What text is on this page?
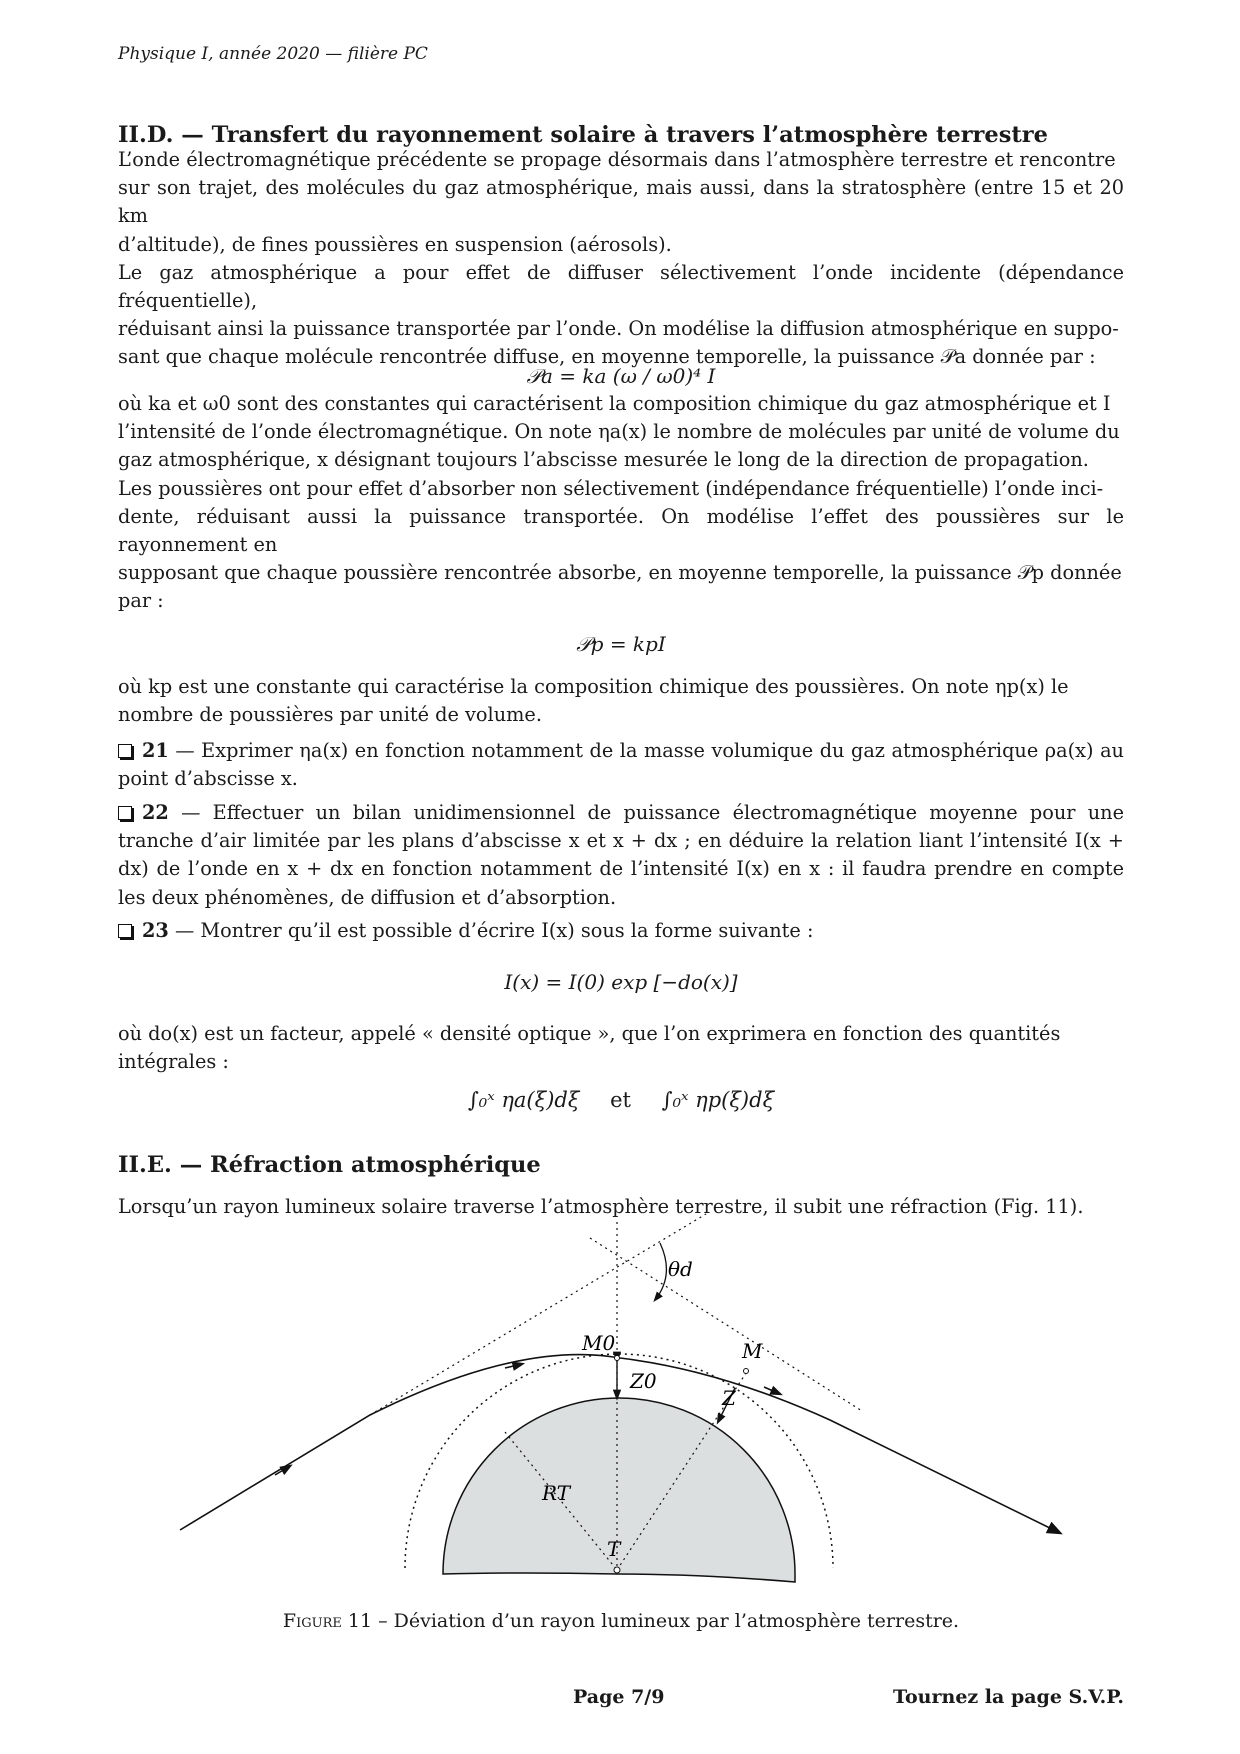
Physique I, année 2020 — filière PC
II.D. — Transfert du rayonnement solaire à travers l’atmosphère terrestre
L’onde électromagnétique précédente se propage désormais dans l’atmosphère terrestre et rencontre
sur son trajet, des molécules du gaz atmosphérique, mais aussi, dans la stratosphère (entre 15 et 20 km
d’altitude), de fines poussières en suspension (aérosols).
Le gaz atmosphérique a pour effet de diffuser sélectivement l’onde incidente (dépendance fréquentielle),
réduisant ainsi la puissance transportée par l’onde. On modélise la diffusion atmosphérique en suppo-
sant que chaque molécule rencontrée diffuse, en moyenne temporelle, la puissance 𝒫a donnée par :
𝒫a = ka (ω / ω0)⁴ I
où ka et ω0 sont des constantes qui caractérisent la composition chimique du gaz atmosphérique et I
l’intensité de l’onde électromagnétique. On note ηa(x) le nombre de molécules par unité de volume du
gaz atmosphérique, x désignant toujours l’abscisse mesurée le long de la direction de propagation.
Les poussières ont pour effet d’absorber non sélectivement (indépendance fréquentielle) l’onde inci-
dente, réduisant aussi la puissance transportée. On modélise l’effet des poussières sur le rayonnement en
supposant que chaque poussière rencontrée absorbe, en moyenne temporelle, la puissance 𝒫p donnée
par :
𝒫p = kpI
où kp est une constante qui caractérise la composition chimique des poussières. On note ηp(x) le
nombre de poussières par unité de volume.
21 — Exprimer ηa(x) en fonction notamment de la masse volumique du gaz atmosphérique ρa(x) au point d’abscisse x.
22 — Effectuer un bilan unidimensionnel de puissance électromagnétique moyenne pour une tranche d’air limitée par les plans d’abscisse x et x + dx ; en déduire la relation liant l’intensité I(x + dx) de l’onde en x + dx en fonction notamment de l’intensité I(x) en x : il faudra prendre en compte les deux phénomènes, de diffusion et d’absorption.
23 — Montrer qu’il est possible d’écrire I(x) sous la forme suivante :
I(x) = I(0) exp [−do(x)]
où do(x) est un facteur, appelé « densité optique », que l’on exprimera en fonction des quantités
intégrales :
∫₀ˣ ηa(ξ)dξ et ∫₀ˣ ηp(ξ)dξ
II.E. — Réfraction atmosphérique
Lorsqu’un rayon lumineux solaire traverse l’atmosphère terrestre, il subit une réfraction (Fig. 11).
θd
M0	M
Z0
Z
RT
T
Figure 11 – Déviation d’un rayon lumineux par l’atmosphère terrestre.
Page 7/9	Tournez la page S.V.P.
